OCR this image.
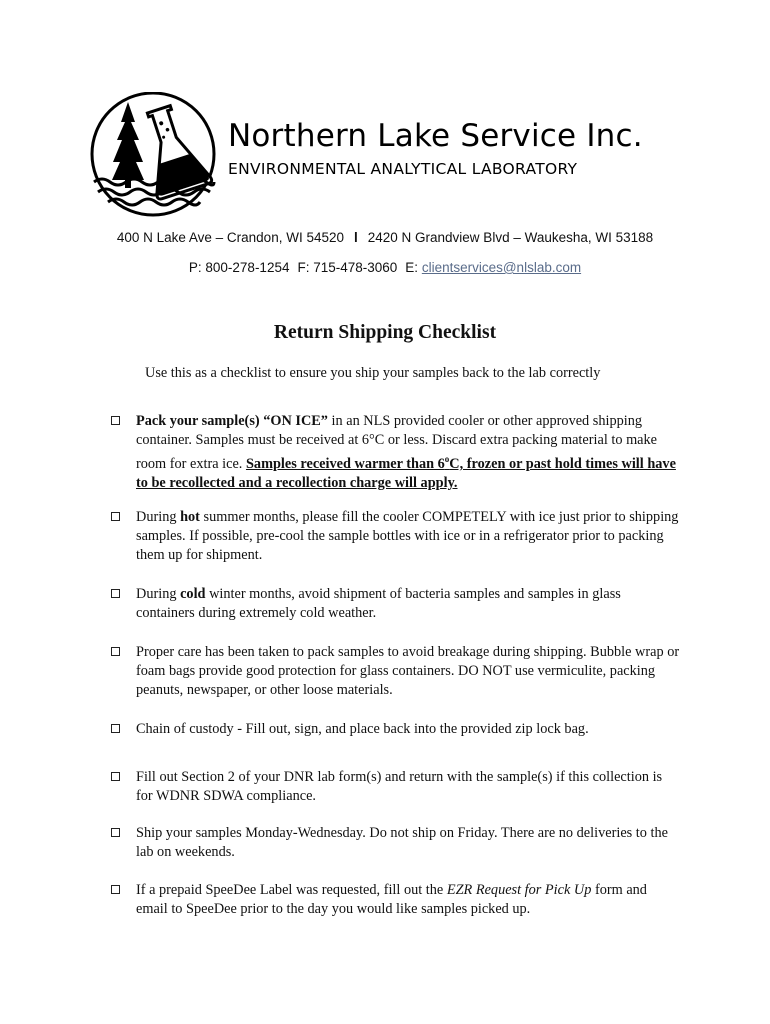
Northern Lake Service Inc.
ENVIRONMENTAL ANALYTICAL LABORATORY
400 N Lake Ave – Crandon, WI 54520 l 2420 N Grandview Blvd – Waukesha, WI 53188
P: 800-278-1254 F: 715-478-3060 E: clientservices@nlslab.com
Return Shipping Checklist
Use this as a checklist to ensure you ship your samples back to the lab correctly
Pack your sample(s) “ON ICE” in an NLS provided cooler or other approved shipping container. Samples must be received at 6°C or less. Discard extra packing material to make room for extra ice. Samples received warmer than 6$^o$C, frozen or past hold times will have to be recollected and a recollection charge will apply.
During hot summer months, please fill the cooler COMPETELY with ice just prior to shipping samples. If possible, pre-cool the sample bottles with ice or in a refrigerator prior to packing them up for shipment.
During cold winter months, avoid shipment of bacteria samples and samples in glass containers during extremely cold weather.
Proper care has been taken to pack samples to avoid breakage during shipping. Bubble wrap or foam bags provide good protection for glass containers. DO NOT use vermiculite, packing peanuts, newspaper, or other loose materials.
Chain of custody - Fill out, sign, and place back into the provided zip lock bag.
Fill out Section 2 of your DNR lab form(s) and return with the sample(s) if this collection is for WDNR SDWA compliance.
Ship your samples Monday-Wednesday. Do not ship on Friday. There are no deliveries to the lab on weekends.
If a prepaid SpeeDee Label was requested, fill out the EZR Request for Pick Up form and email to SpeeDee prior to the day you would like samples picked up.
